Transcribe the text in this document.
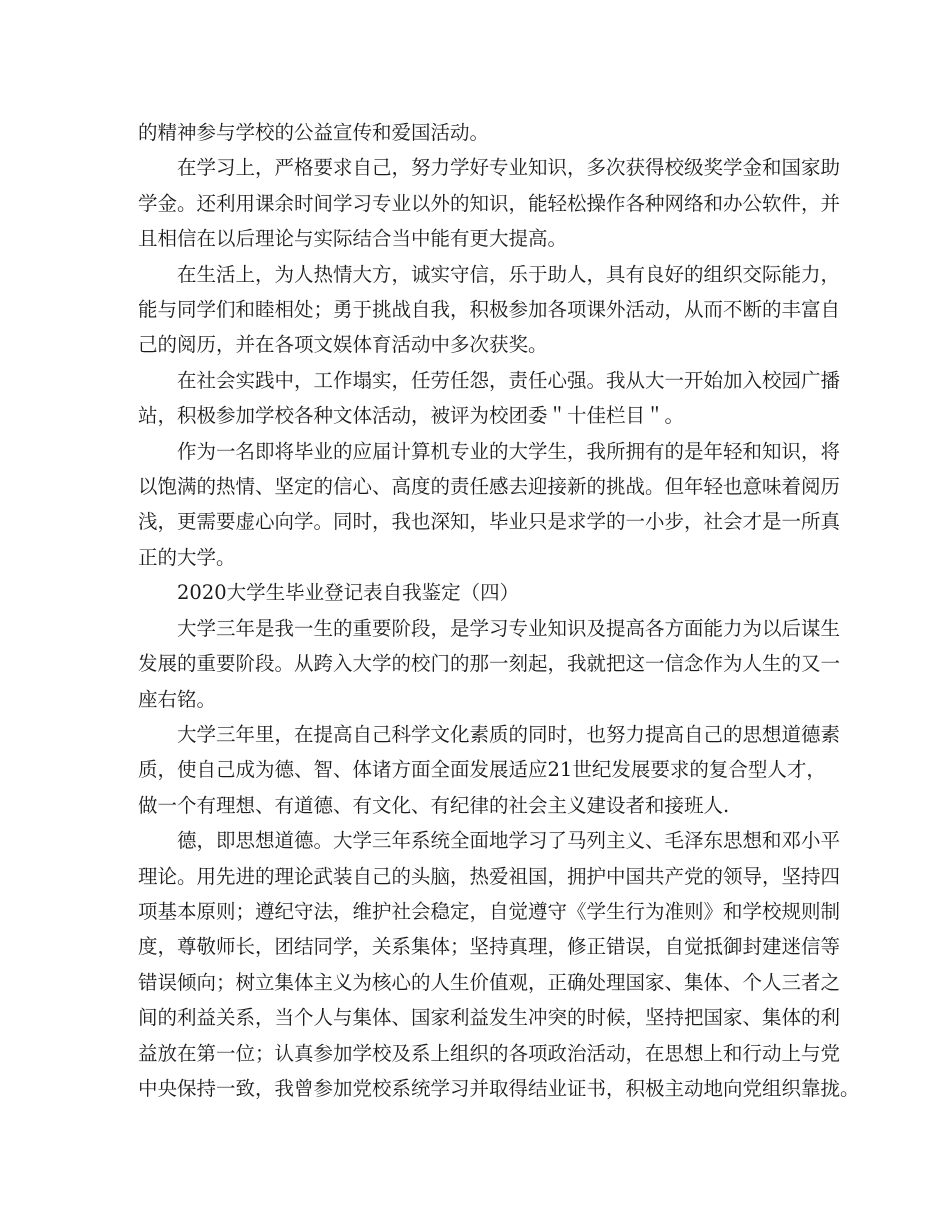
的精神参与学校的公益宣传和爱国活动。

在学习上，严格要求自己，努力学好专业知识，多次获得校级奖学金和国家助
学金。还利用课余时间学习专业以外的知识，能轻松操作各种网络和办公软件，并
且相信在以后理论与实际结合当中能有更大提高。

在生活上，为人热情大方，诚实守信，乐于助人，具有良好的组织交际能力，
能与同学们和睦相处；勇于挑战自我，积极参加各项课外活动，从而不断的丰富自
己的阅历，并在各项文娱体育活动中多次获奖。

在社会实践中，工作塌实，任劳任怨，责任心强。我从大一开始加入校园广播
站，积极参加学校各种文体活动，被评为校团委＂十佳栏目＂。

作为一名即将毕业的应届计算机专业的大学生，我所拥有的是年轻和知识，将
以饱满的热情、坚定的信心、高度的责任感去迎接新的挑战。但年轻也意味着阅历
浅，更需要虚心向学。同时，我也深知，毕业只是求学的一小步，社会才是一所真
正的大学。

2020大学生毕业登记表自我鉴定（四）

大学三年是我一生的重要阶段，是学习专业知识及提高各方面能力为以后谋生
发展的重要阶段。从跨入大学的校门的那一刻起，我就把这一信念作为人生的又一
座右铭。

大学三年里，在提高自己科学文化素质的同时，也努力提高自己的思想道德素
质，使自己成为德、智、体诸方面全面发展适应21世纪发展要求的复合型人才，
做一个有理想、有道德、有文化、有纪律的社会主义建设者和接班人.

德，即思想道德。大学三年系统全面地学习了马列主义、毛泽东思想和邓小平
理论。用先进的理论武装自己的头脑，热爱祖国，拥护中国共产党的领导，坚持四
项基本原则；遵纪守法，维护社会稳定，自觉遵守《学生行为准则》和学校规则制
度，尊敬师长，团结同学，关系集体；坚持真理，修正错误，自觉抵御封建迷信等
错误倾向；树立集体主义为核心的人生价值观，正确处理国家、集体、个人三者之
间的利益关系，当个人与集体、国家利益发生冲突的时候，坚持把国家、集体的利
益放在第一位；认真参加学校及系上组织的各项政治活动，在思想上和行动上与党
中央保持一致，我曾参加党校系统学习并取得结业证书，积极主动地向党组织靠拢。
